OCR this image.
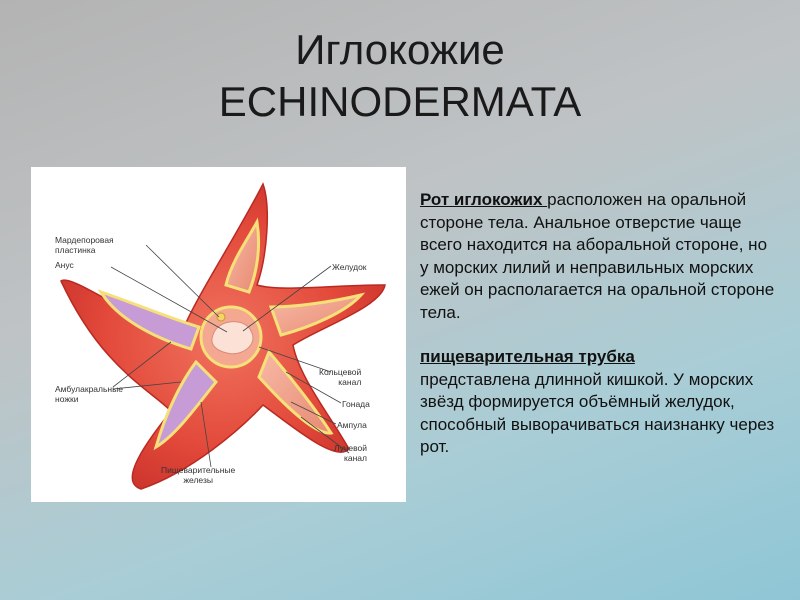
Иглокожие
ECHINODERMATA
Мардепоровая
пластинка
Анус	Желудок
Кольцевой
канал
Амбулакральные
ножки	Гонада
Ампула
Лучевой
канал
Пищеварительные
железы

Рот иглокожих расположен на оральной стороне тела. Анальное отверстие чаще всего находится на аборальной стороне, но у морских лилий и неправильных морских ежей он располагается на оральной стороне тела.

пищеварительная трубка
представлена длинной кишкой. У морских звёзд формируется объёмный желудок, способный выворачиваться наизнанку через рот.
